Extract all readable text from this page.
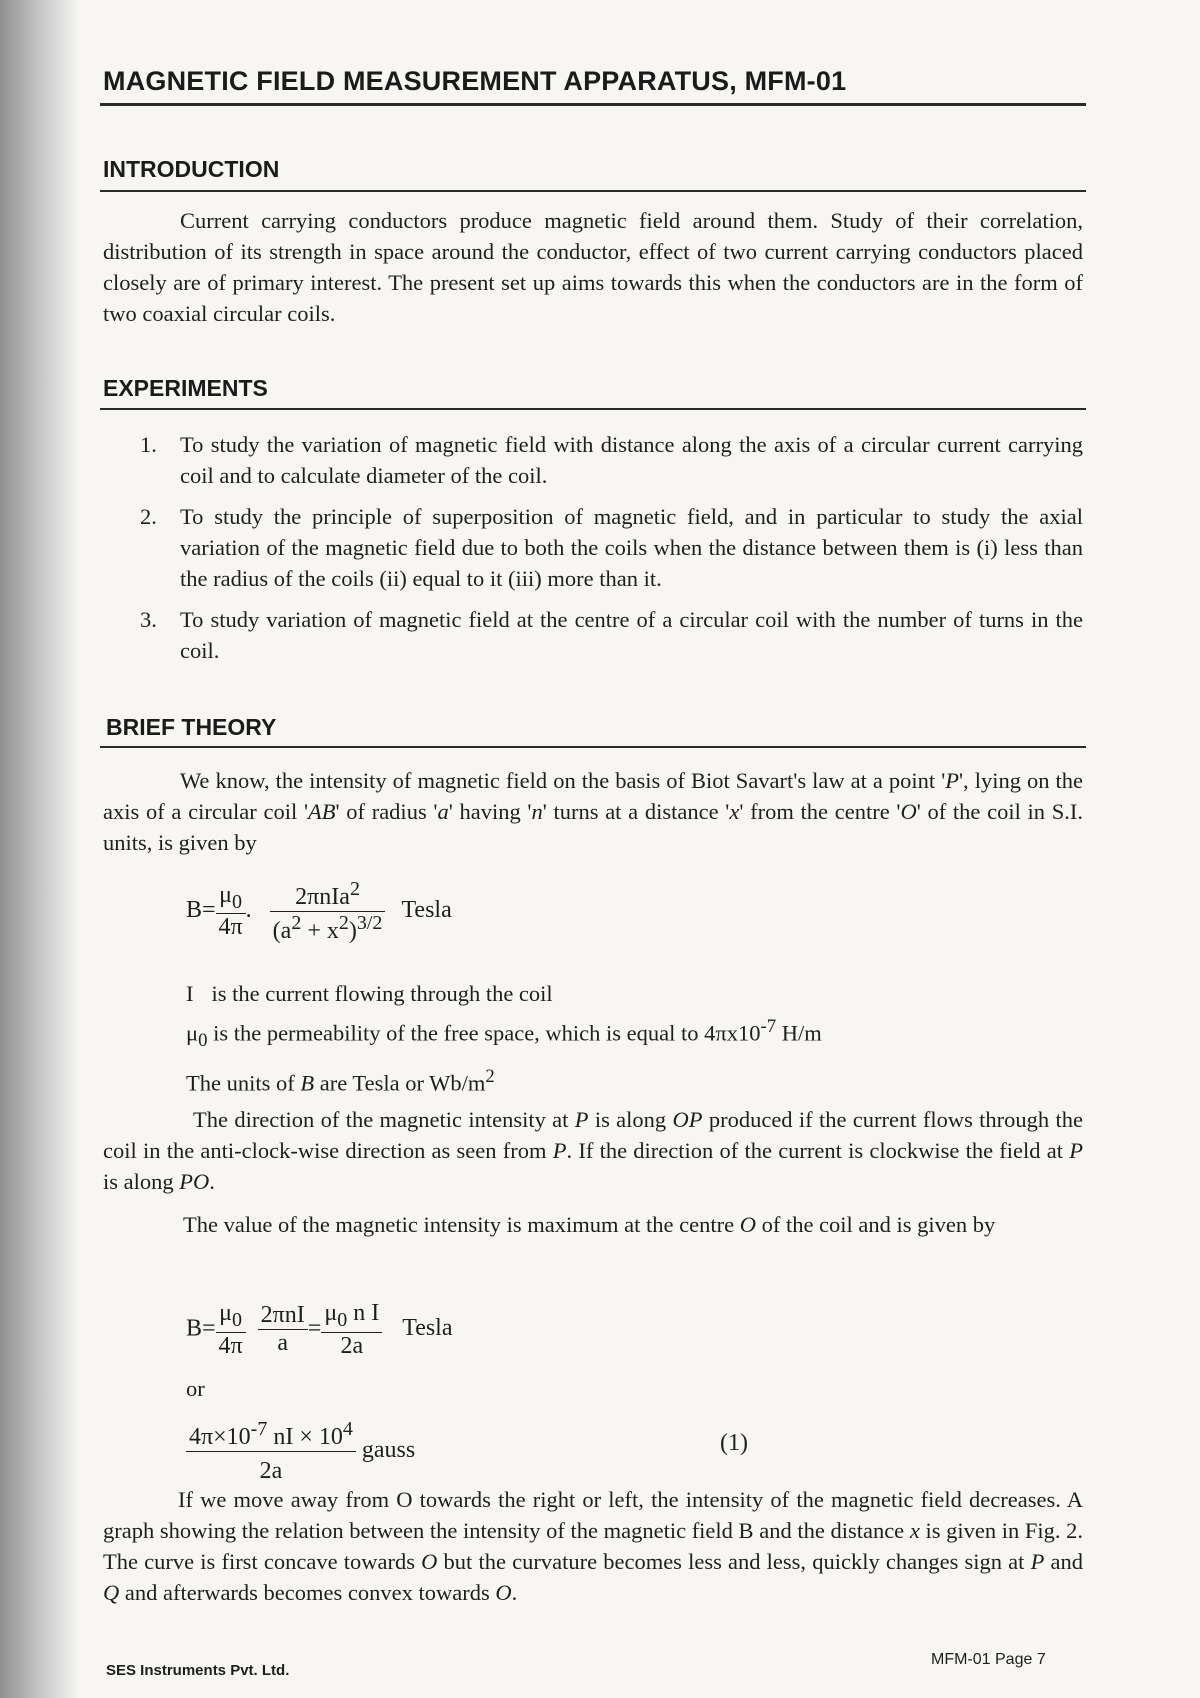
MAGNETIC FIELD MEASUREMENT APPARATUS, MFM-01
INTRODUCTION

Current carrying conductors produce magnetic field around them. Study of their correlation, distribution of its strength in space around the conductor, effect of two current carrying conductors placed closely are of primary interest. The present set up aims towards this when the conductors are in the form of two coaxial circular coils.

EXPERIMENTS
1. To study the variation of magnetic field with distance along the axis of a circular current carrying coil and to calculate diameter of the coil.
2. To study the principle of superposition of magnetic field, and in particular to study the axial variation of the magnetic field due to both the coils when the distance between them is (i) less than the radius of the coils (ii) equal to it (iii) more than it.
3. To study variation of magnetic field at the centre of a circular coil with the number of turns in the coil.
BRIEF THEORY

We know, the intensity of magnetic field on the basis of Biot Savart's law at a point 'P', lying on the axis of a circular coil 'AB' of radius 'a' having 'n' turns at a distance 'x' from the centre 'O' of the coil in S.I. units, is given by

$B= \frac{\mu_0}{4\pi}$ . $\frac{2\pi nIa^2}{(a^2 + x^2)^{3/2}}$ Tesla
I is the current flowing through the coil
$\mu_0$ is the permeability of the free space, which is equal to $4\pi x10^{-7}$ H/m
The units of B are Tesla or $Wb/m^2$

The direction of the magnetic intensity at P is along OP produced if the current flows through the coil in the anti-clock-wise direction as seen from P. If the direction of the current is clockwise the field at P is along PO.

The value of the magnetic intensity is maximum at the centre O of the coil and is given by

$B= \frac{\mu_0}{4\pi}$
$\frac{\text{2πnI}}{a} = \frac{\mu_0 n I}{2a}$ Tesla
or
$\frac{4\pi\times 10^{-7} nI \times 10^4}{2a}$ gauss	(1)

If we move away from O towards the right or left, the intensity of the magnetic field decreases. A graph showing the relation between the intensity of the magnetic field B and the distance x is given in Fig. 2. The curve is first concave towards O but the curvature becomes less and less, quickly changes sign at P and Q and afterwards becomes convex towards O.

SES Instruments Pvt. Ltd.
MFM-01 Page 7
